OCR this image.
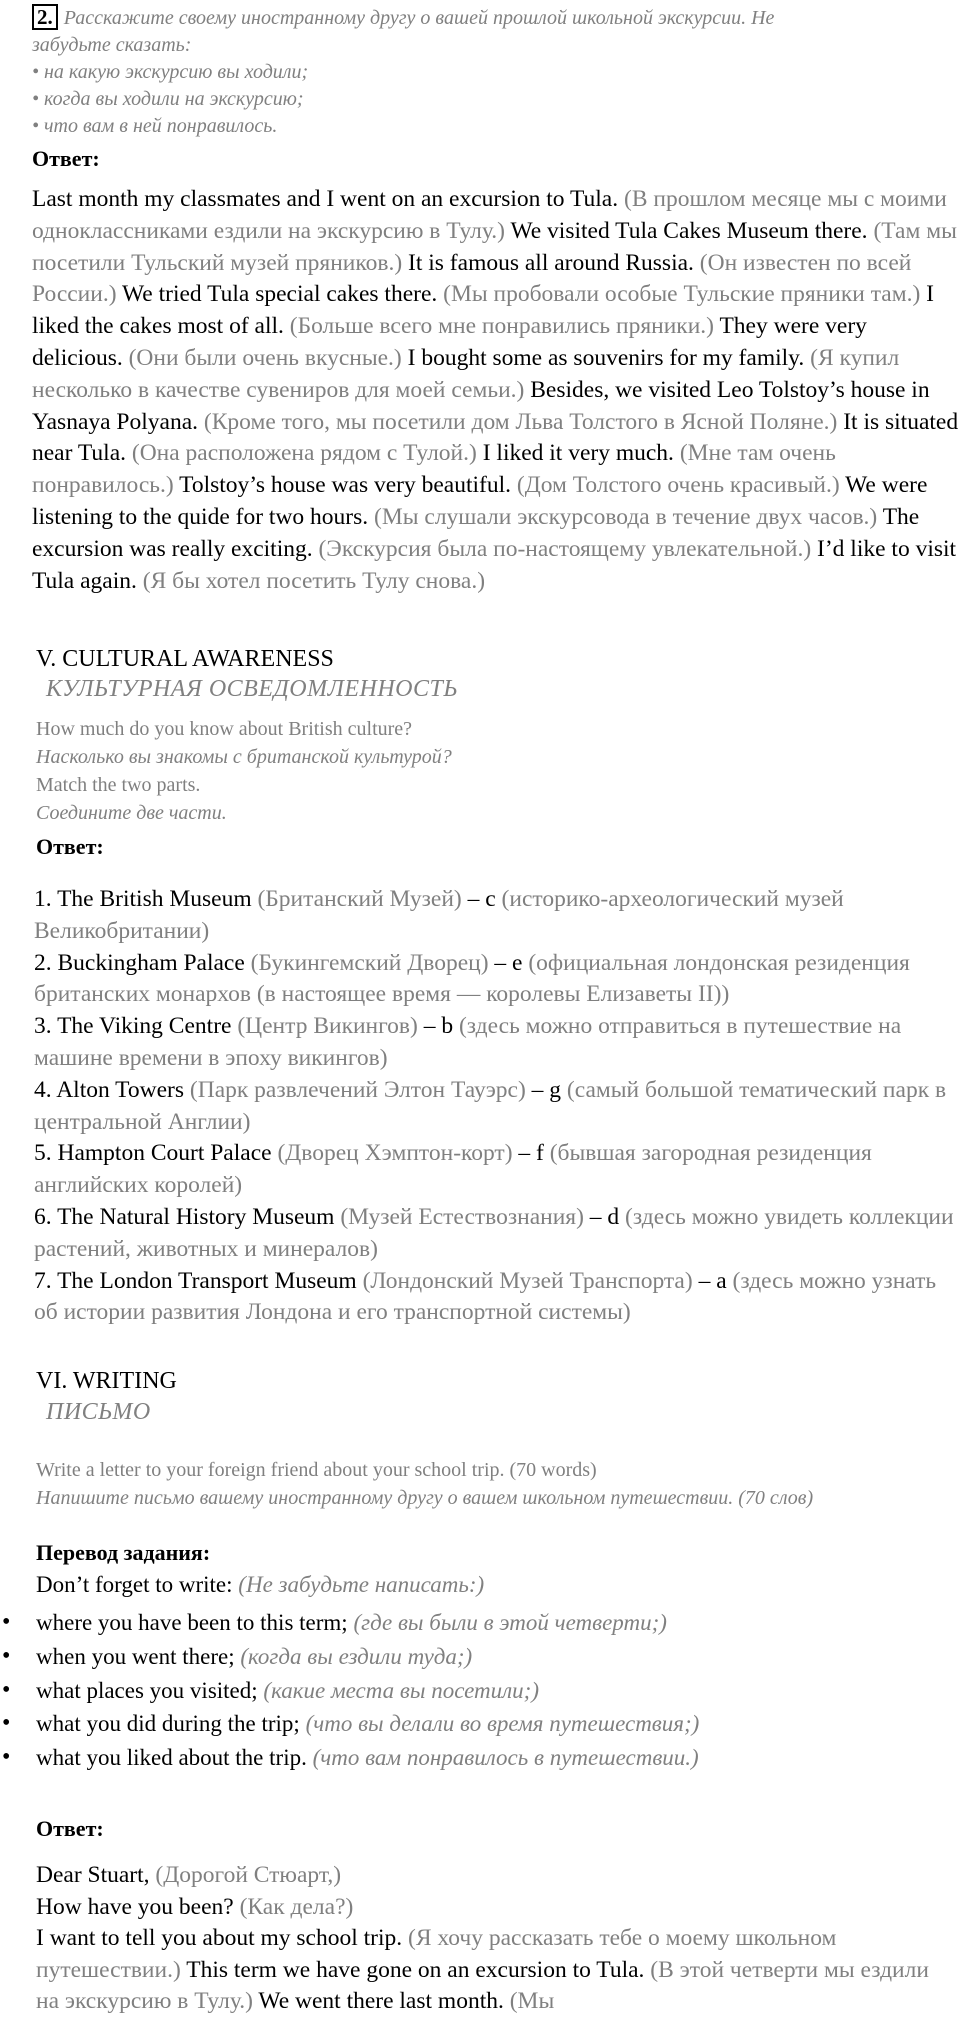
2. Расскажите своему иностранному другу о вашей прошлой школьной экскурсии. Не
забудьте сказать:
• на какую экскурсию вы ходили;
• когда вы ходили на экскурсию;
• что вам в ней понравилось.
Ответ:
Last month my classmates and I went on an excursion to Tula. (В прошлом месяце мы с моими одноклассниками ездили на экскурсию в Тулу.) We visited Tula Cakes Museum there. (Там мы посетили Тульский музей пряников.) It is famous all around Russia. (Он известен по всей России.) We tried Tula special cakes there. (Мы пробовали особые Тульские пряники там.) I liked the cakes most of all. (Больше всего мне понравились пряники.) They were very delicious. (Они были очень вкусные.) I bought some as souvenirs for my family. (Я купил несколько в качестве сувениров для моей семьи.) Besides, we visited Leo Tolstoy’s house in Yasnaya Polyana. (Кроме того, мы посетили дом Льва Толстого в Ясной Поляне.) It is situated near Tula. (Она расположена рядом с Тулой.) I liked it very much. (Мне там очень понравилось.) Tolstoy’s house was very beautiful. (Дом Толстого очень красивый.) We were listening to the quide for two hours. (Мы слушали экскурсовода в течение двух часов.) The excursion was really exciting. (Экскурсия была по-настоящему увлекательной.) I’d like to visit Tula again. (Я бы хотел посетить Тулу снова.)
V. CULTURAL AWARENESS
КУЛЬТУРНАЯ ОСВЕДОМЛЕННОСТЬ
How much do you know about British culture?
Насколько вы знакомы с британской культурой?
Match the two parts.
Соедините две части.
Ответ:
1. The British Museum (Британский Музей) – c (историко-археологический музей Великобритании)
2. Buckingham Palace (Букингемский Дворец) – e (официальная лондонская резиденция британских монархов (в настоящее время — королевы Елизаветы II))
3. The Viking Centre (Центр Викингов) – b (здесь можно отправиться в путешествие на машине времени в эпоху викингов)
4. Alton Towers (Парк развлечений Элтон Тауэрс) – g (самый большой тематический парк в центральной Англии)
5. Hampton Court Palace (Дворец Хэмптон-корт) – f (бывшая загородная резиденция английских королей)
6. The Natural History Museum (Музей Естествознания) – d (здесь можно увидеть коллекции растений, животных и минералов)
7. The London Transport Museum (Лондонский Музей Транспорта) – a (здесь можно узнать об истории развития Лондона и его транспортной системы)
VI. WRITING
ПИСЬМО
Write a letter to your foreign friend about your school trip. (70 words)
Напишите письмо вашему иностранному другу о вашем школьном путешествии. (70 слов)
Перевод задания:
Don’t forget to write: (Не забудьте написать:)
• where you have been to this term; (где вы были в этой четверти;)
• when you went there; (когда вы ездили туда;)
• what places you visited; (какие места вы посетили;)
• what you did during the trip; (что вы делали во время путешествия;)
• what you liked about the trip. (что вам понравилось в путешествии.)
Ответ:
Dear Stuart, (Дорогой Стюарт,)
How have you been? (Как дела?)
I want to tell you about my school trip. (Я хочу рассказать тебе о моему школьном путешествии.) This term we have gone on an excursion to Tula. (В этой четверти мы ездили на экскурсию в Тулу.) We went there last month. (Мы
